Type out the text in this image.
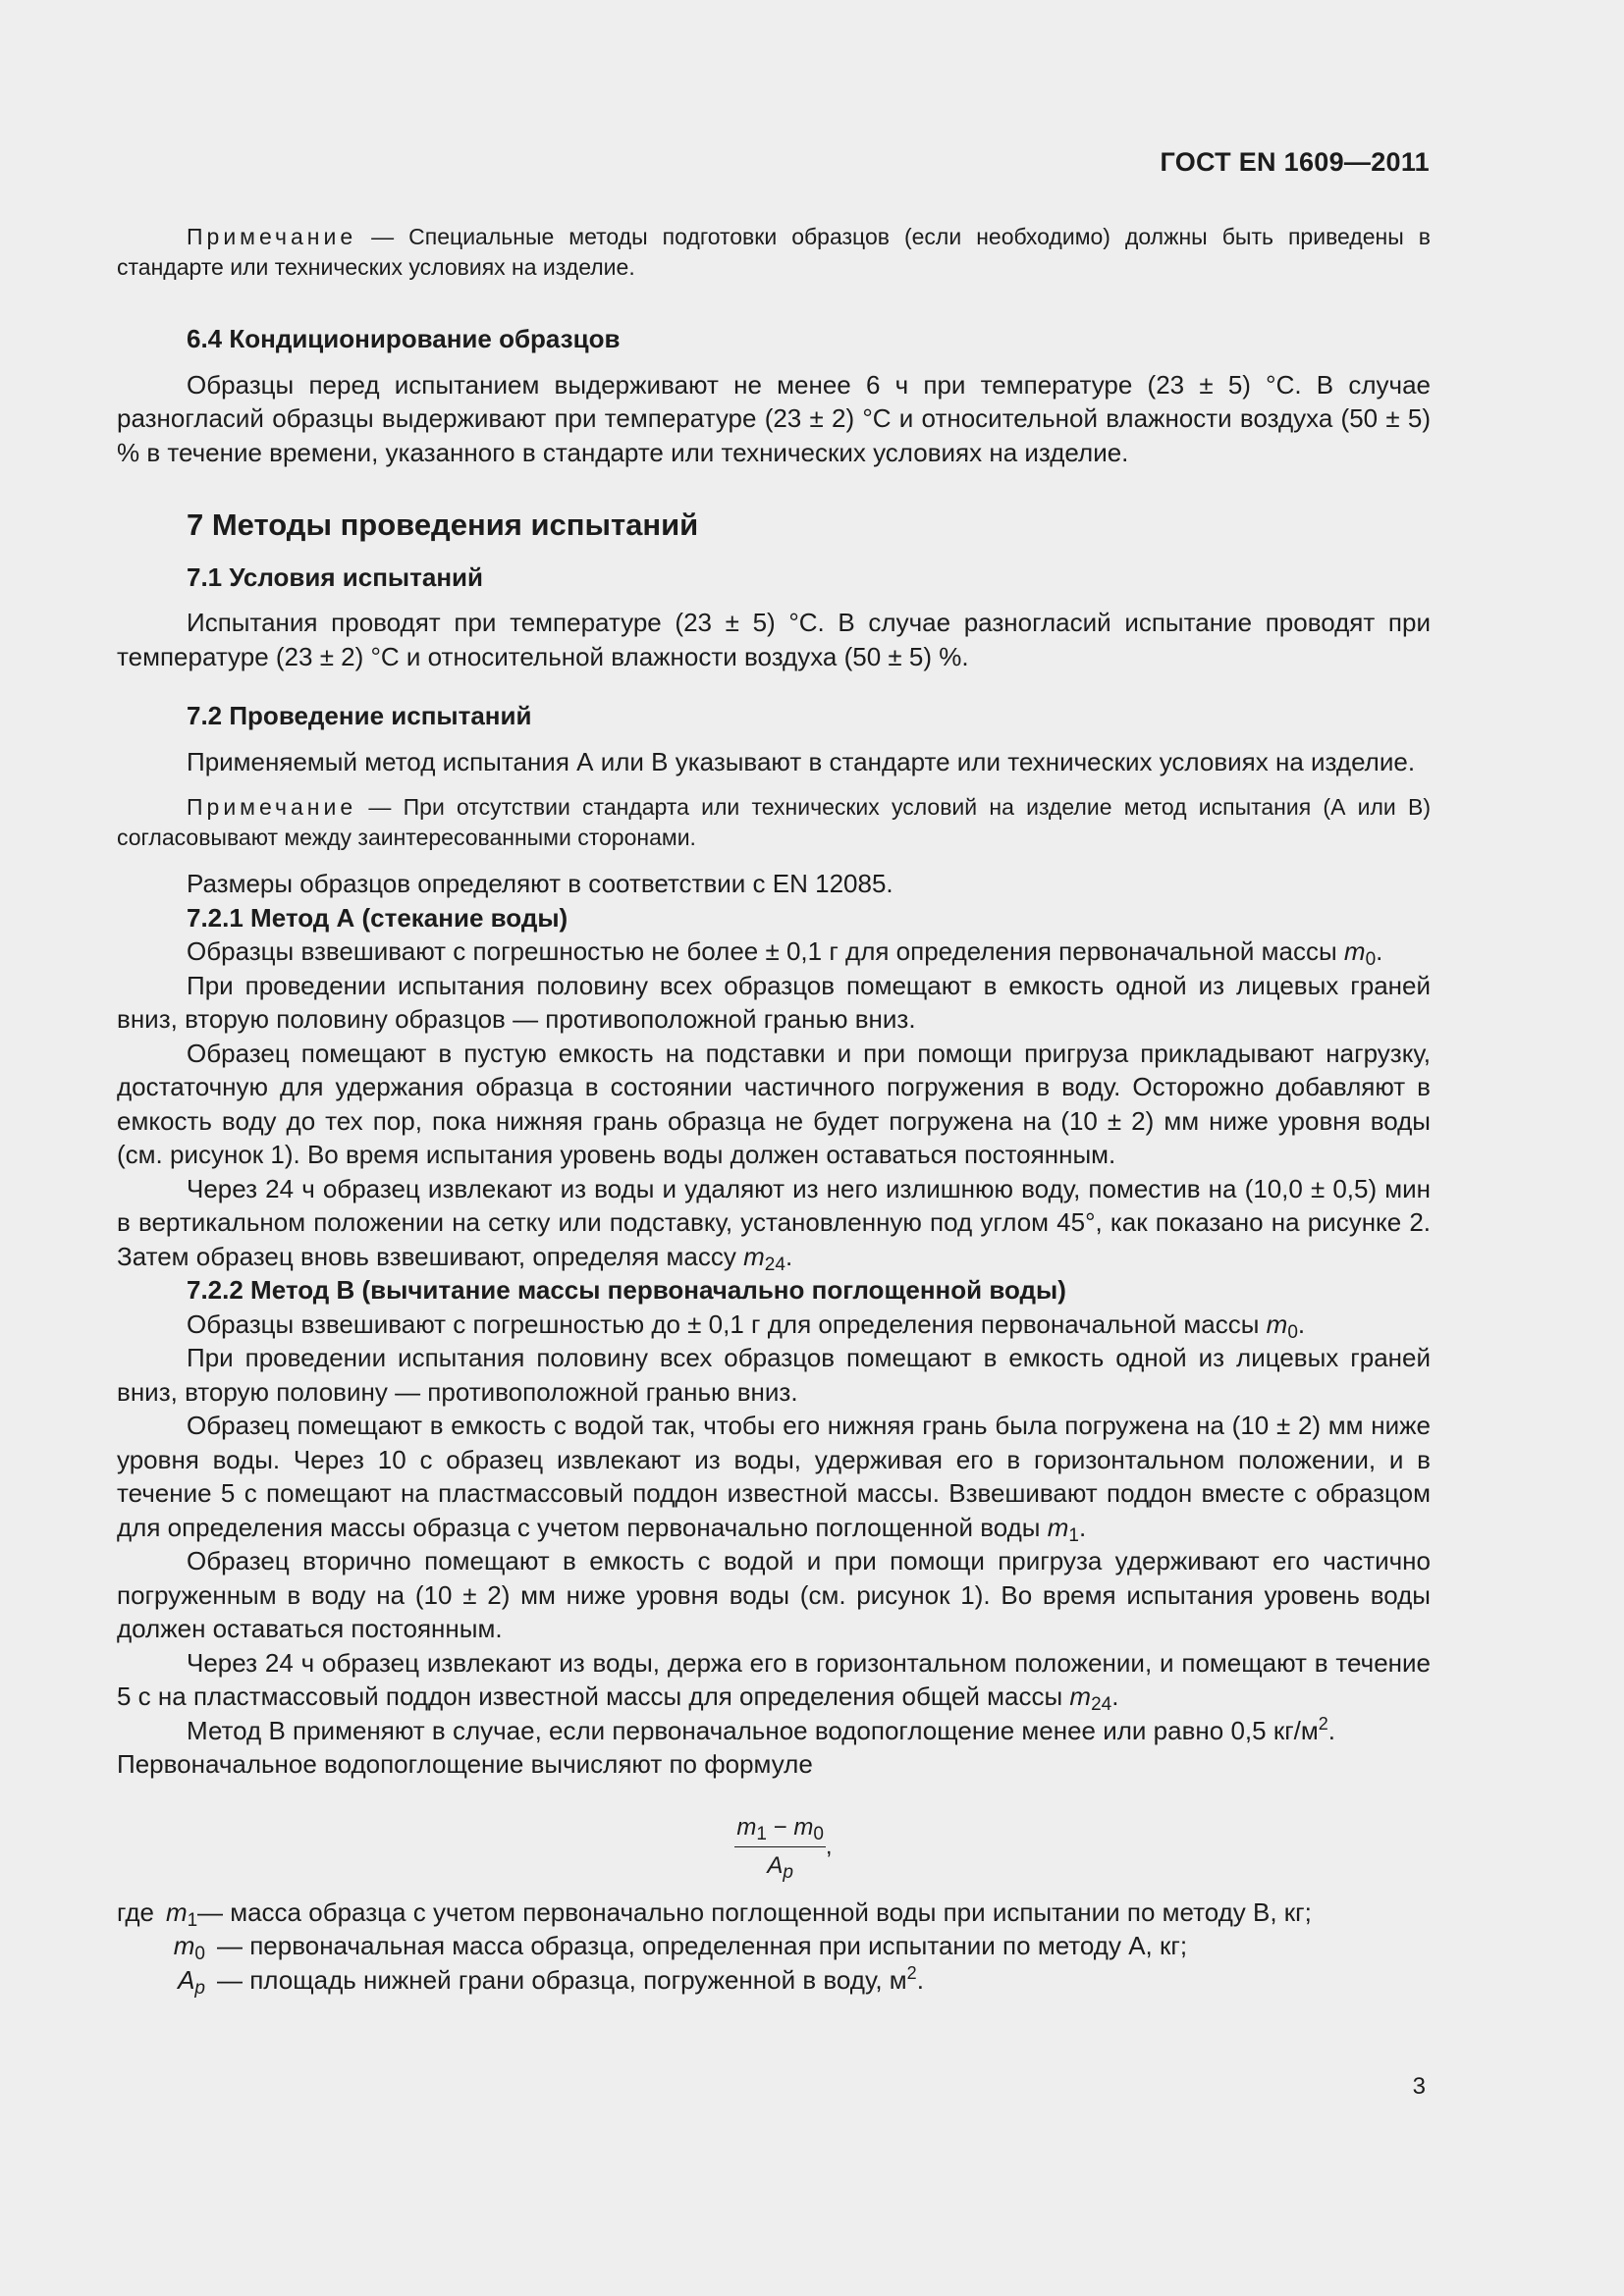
ГОСТ EN 1609—2011

Примечание — Специальные методы подготовки образцов (если необходимо) должны быть приведены в стандарте или технических условиях на изделие.

6.4 Кондиционирование образцов

Образцы перед испытанием выдерживают не менее 6 ч при температуре (23 ± 5) °С. В случае разногласий образцы выдерживают при температуре (23 ± 2) °С и относительной влажности воздуха (50 ± 5) % в течение времени, указанного в стандарте или технических условиях на изделие.

7 Методы проведения испытаний

7.1 Условия испытаний

Испытания проводят при температуре (23 ± 5) °С. В случае разногласий испытание проводят при температуре (23 ± 2) °С и относительной влажности воздуха (50 ± 5) %.

7.2 Проведение испытаний

Применяемый метод испытания А или В указывают в стандарте или технических условиях на изделие.

Примечание — При отсутствии стандарта или технических условий на изделие метод испытания (А или В) согласовывают между заинтересованными сторонами.

Размеры образцов определяют в соответствии с EN 12085.

7.2.1 Метод А (стекание воды)

Образцы взвешивают с погрешностью не более ± 0,1 г для определения первоначальной массы $m_0$.

При проведении испытания половину всех образцов помещают в емкость одной из лицевых граней вниз, вторую половину образцов — противоположной гранью вниз.

Образец помещают в пустую емкость на подставки и при помощи пригруза прикладывают нагрузку, достаточную для удержания образца в состоянии частичного погружения в воду. Осторожно добавляют в емкость воду до тех пор, пока нижняя грань образца не будет погружена на (10 ± 2) мм ниже уровня воды (см. рисунок 1). Во время испытания уровень воды должен оставаться постоянным.

Через 24 ч образец извлекают из воды и удаляют из него излишнюю воду, поместив на (10,0 ± 0,5) мин в вертикальном положении на сетку или подставку, установленную под углом 45°, как показано на рисунке 2. Затем образец вновь взвешивают, определяя массу $m_{24}$.

7.2.2 Метод В (вычитание массы первоначально поглощенной воды)

Образцы взвешивают с погрешностью до ± 0,1 г для определения первоначальной массы $m_0$.

При проведении испытания половину всех образцов помещают в емкость одной из лицевых граней вниз, вторую половину — противоположной гранью вниз.

Образец помещают в емкость с водой так, чтобы его нижняя грань была погружена на (10 ± 2) мм ниже уровня воды. Через 10 с образец извлекают из воды, удерживая его в горизонтальном положении, и в течение 5 с помещают на пластмассовый поддон известной массы. Взвешивают поддон вместе с образцом для определения массы образца с учетом первоначально поглощенной воды $m_1$.

Образец вторично помещают в емкость с водой и при помощи пригруза удерживают его частично погруженным в воду на (10 ± 2) мм ниже уровня воды (см. рисунок 1). Во время испытания уровень воды должен оставаться постоянным.

Через 24 ч образец извлекают из воды, держа его в горизонтальном положении, и помещают в течение 5 с на пластмассовый поддон известной массы для определения общей массы $m_{24}$.

Метод В применяют в случае, если первоначальное водопоглощение менее или равно 0,5 $кг/м^2$.

Первоначальное водопоглощение вычисляют по формуле

$\frac{m_1 - m_0}{A_p}$ ,
где $m_1$ — масса образца с учетом первоначально поглощенной воды при испытании по методу В, кг;
$m_0$ — первоначальная масса образца, определенная при испытании по методу А, кг;
$A_p$ — площадь нижней грани образца, погруженной в воду, $м^2$.
3
